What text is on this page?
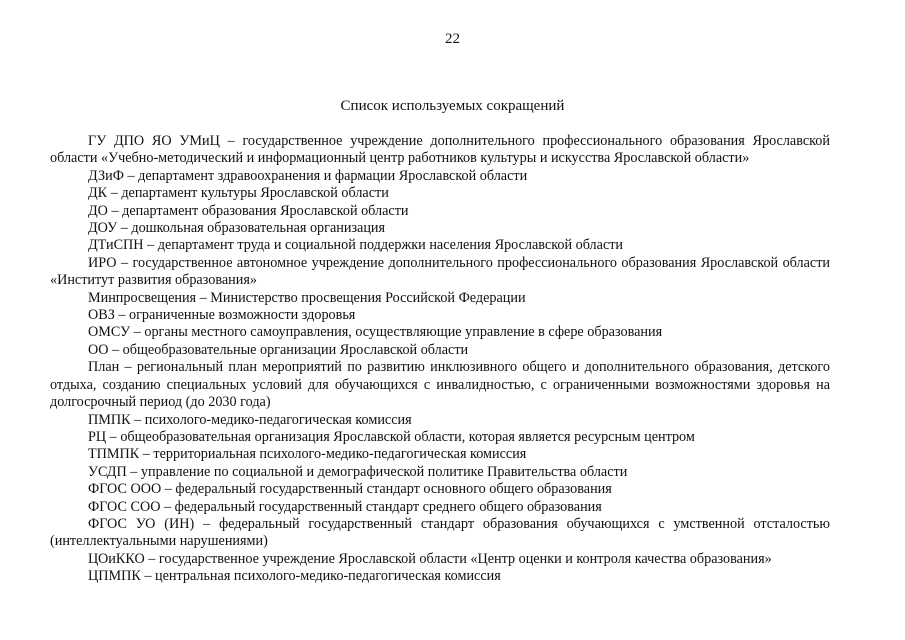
22
Список используемых сокращений
ГУ ДПО ЯО УМиЦ – государственное учреждение дополнительного профессионального образования Ярославской области «Учебно-методический и информационный центр работников культуры и искусства Ярославской области»
ДЗиФ – департамент здравоохранения и фармации Ярославской области
ДК – департамент культуры Ярославской области
ДО – департамент образования Ярославской области
ДОУ – дошкольная образовательная организация
ДТиСПН – департамент труда и социальной поддержки населения Ярославской области
ИРО – государственное автономное учреждение дополнительного профессионального образования Ярославской области «Институт развития образования»
Минпросвещения – Министерство просвещения Российской Федерации
ОВЗ – ограниченные возможности здоровья
ОМСУ – органы местного самоуправления, осуществляющие управление в сфере образования
ОО – общеобразовательные организации Ярославской области
План – региональный план мероприятий по развитию инклюзивного общего и дополнительного образования, детского отдыха, созданию специальных условий для обучающихся с инвалидностью, с ограниченными возможностями здоровья на долгосрочный период (до 2030 года)
ПМПК – психолого-медико-педагогическая комиссия
РЦ – общеобразовательная организация Ярославской области, которая является ресурсным центром
ТПМПК – территориальная психолого-медико-педагогическая комиссия
УСДП – управление по социальной и демографической политике Правительства области
ФГОС ООО – федеральный государственный стандарт основного общего образования
ФГОС СОО – федеральный государственный стандарт среднего общего образования
ФГОС УО (ИН) – федеральный государственный стандарт образования обучающихся с умственной отсталостью (интеллектуальными нарушениями)
ЦОиККО – государственное учреждение Ярославской области «Центр оценки и контроля качества образования»
ЦПМПК – центральная психолого-медико-педагогическая комиссия
